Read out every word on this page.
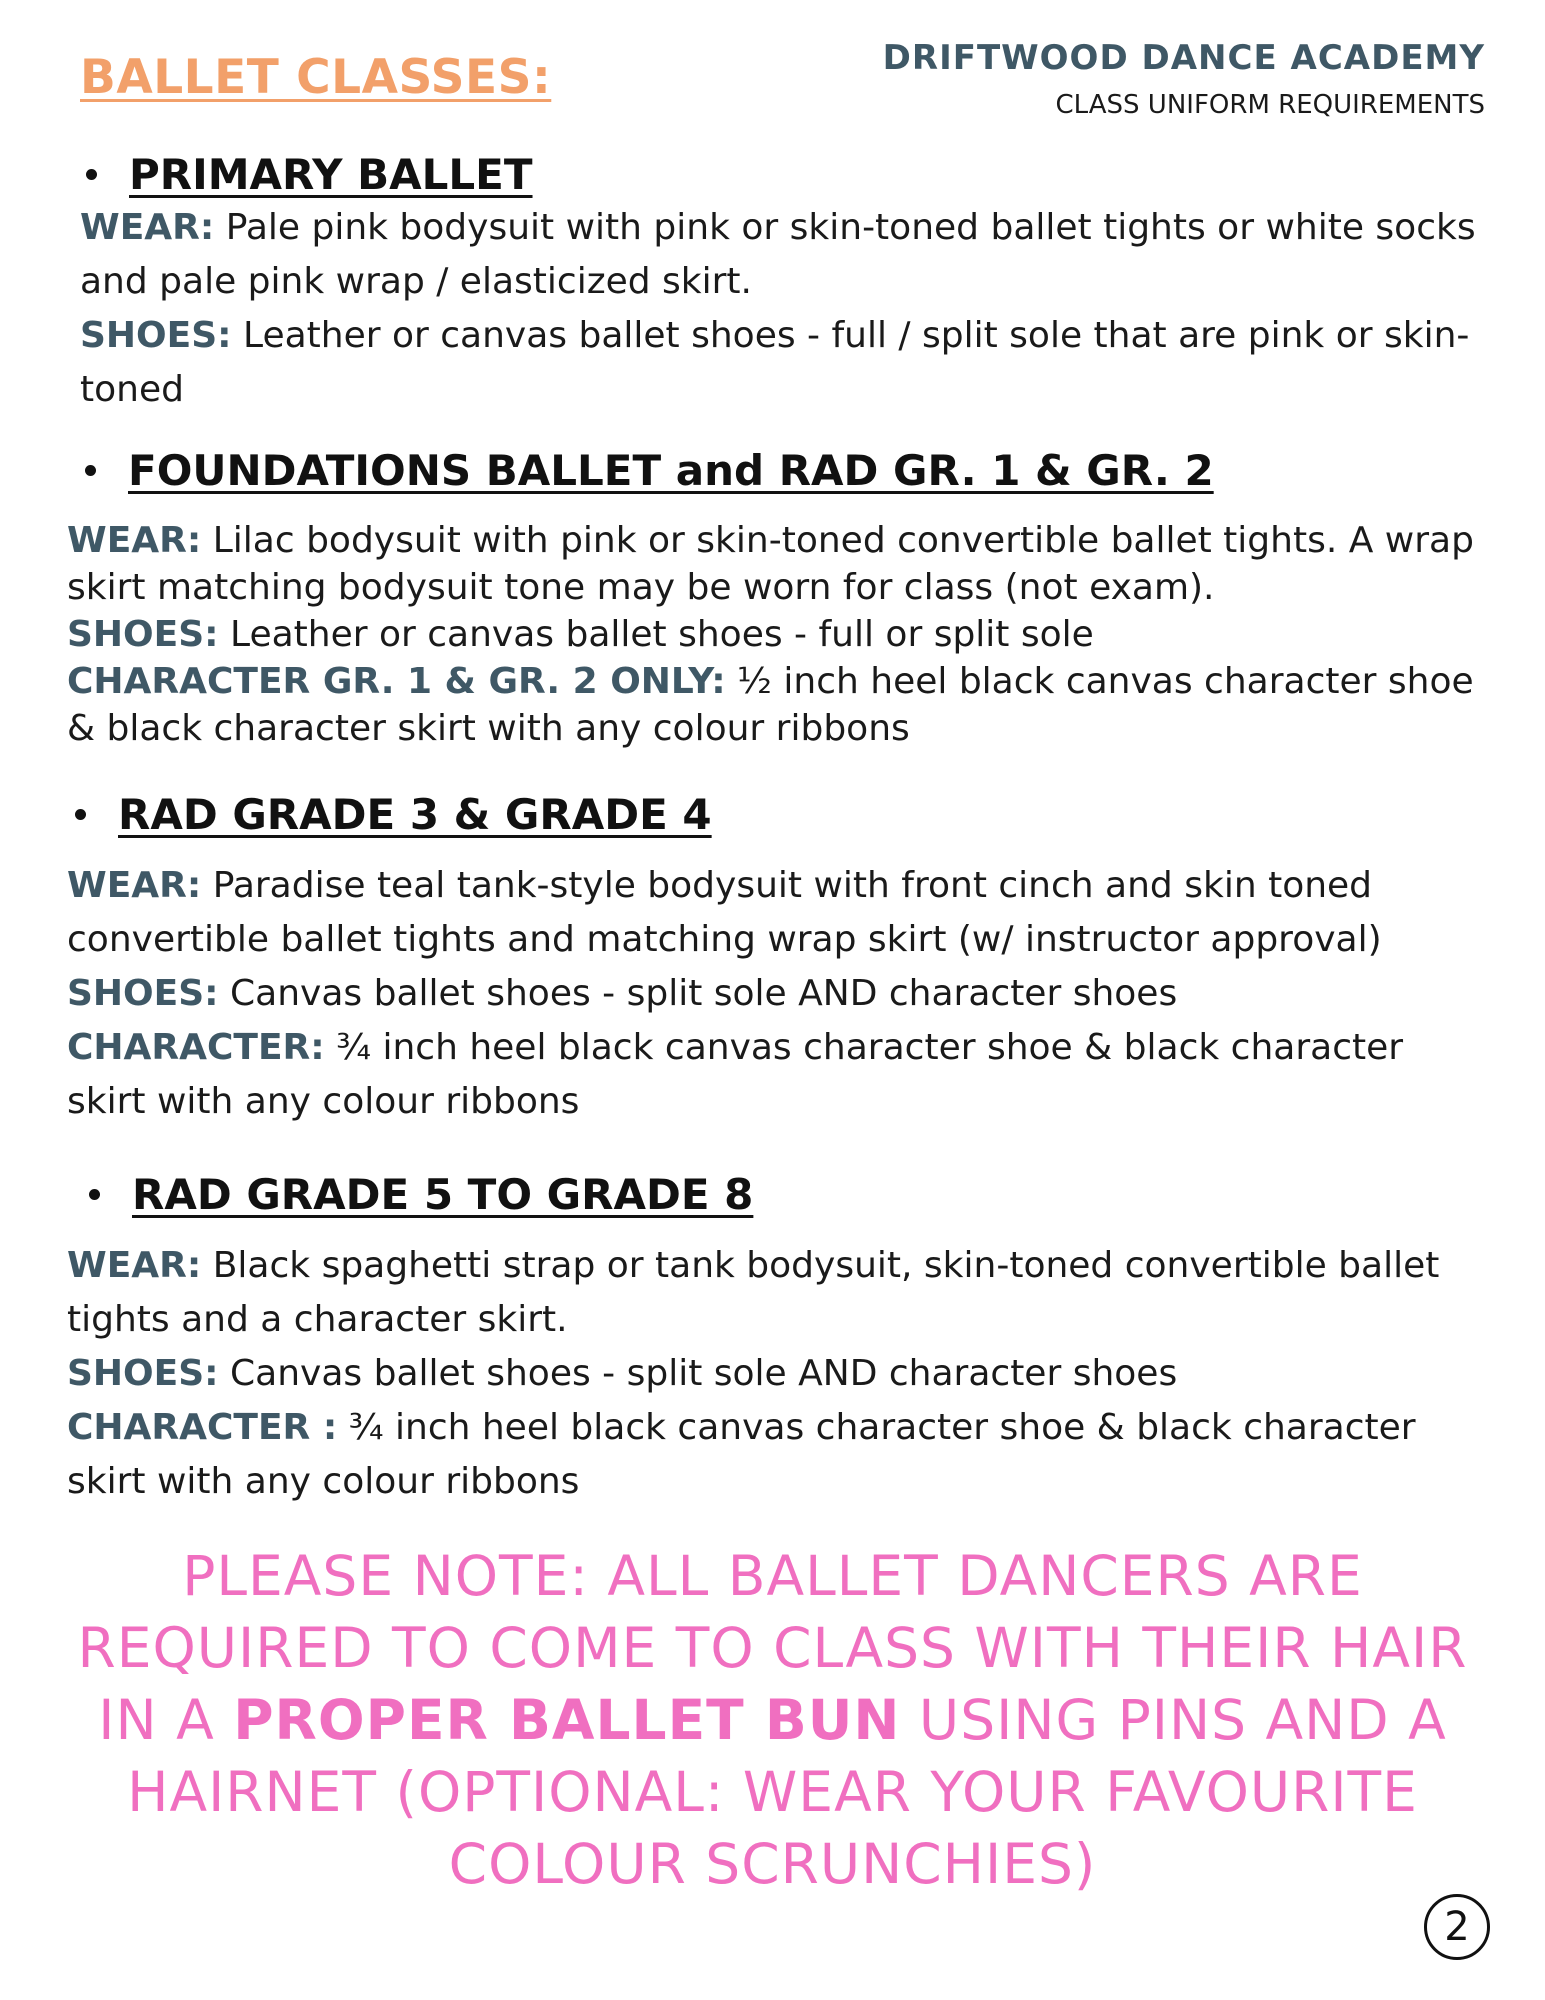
BALLET CLASSES:	DRIFTWOOD DANCE ACADEMY
CLASS UNIFORM REQUIREMENTS
PRIMARY BALLET
WEAR: Pale pink bodysuit with pink or skin-toned ballet tights or white socks and pale pink wrap / elasticized skirt.
SHOES: Leather or canvas ballet shoes - full / split sole that are pink or skin-toned
FOUNDATIONS BALLET and RAD GR. 1 & GR. 2
WEAR: Lilac bodysuit with pink or skin-toned convertible ballet tights. A wrap skirt matching bodysuit tone may be worn for class (not exam).
SHOES: Leather or canvas ballet shoes - full or split sole
CHARACTER GR. 1 & GR. 2 ONLY: ½ inch heel black canvas character shoe & black character skirt with any colour ribbons
RAD GRADE 3 & GRADE 4
WEAR: Paradise teal tank-style bodysuit with front cinch and skin toned convertible ballet tights and matching wrap skirt (w/ instructor approval)
SHOES: Canvas ballet shoes - split sole AND character shoes
CHARACTER: ¾ inch heel black canvas character shoe & black character skirt with any colour ribbons
RAD GRADE 5 TO GRADE 8
WEAR: Black spaghetti strap or tank bodysuit, skin-toned convertible ballet tights and a character skirt.
SHOES: Canvas ballet shoes - split sole AND character shoes
CHARACTER : ¾ inch heel black canvas character shoe & black character skirt with any colour ribbons
PLEASE NOTE: ALL BALLET DANCERS ARE REQUIRED TO COME TO CLASS WITH THEIR HAIR IN A PROPER BALLET BUN USING PINS AND A HAIRNET (OPTIONAL: WEAR YOUR FAVOURITE COLOUR SCRUNCHIES)
2
